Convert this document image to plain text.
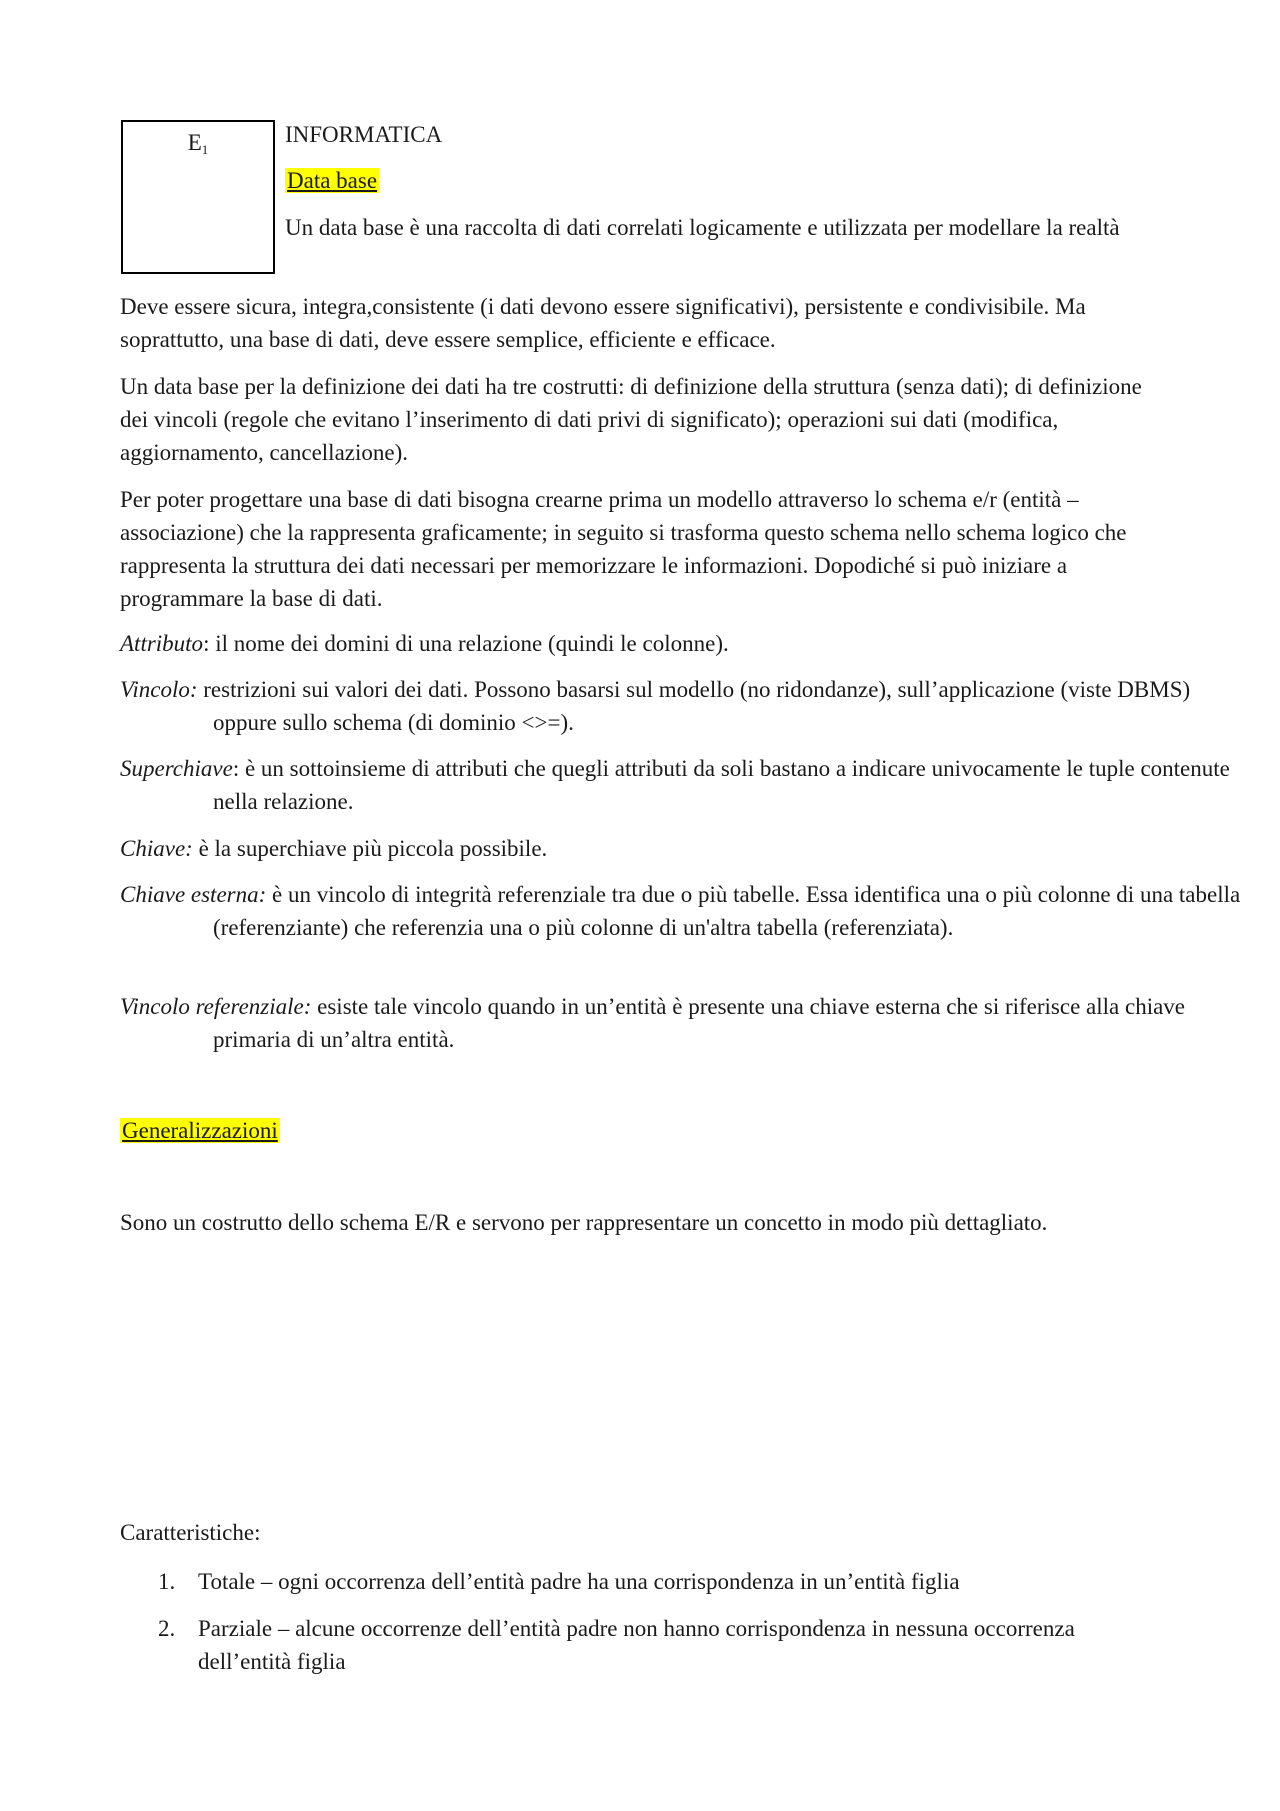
$E_1$

INFORMATICA

Data base

Un data base è una raccolta di dati correlati logicamente e utilizzata per modellare la realtà

Deve essere sicura, integra,consistente (i dati devono essere significativi), persistente e condivisibile. Ma soprattutto, una base di dati, deve essere semplice, efficiente e efficace.

Un data base per la definizione dei dati ha tre costrutti: di definizione della struttura (senza dati); di definizione dei vincoli (regole che evitano l’inserimento di dati privi di significato); operazioni sui dati (modifica, aggiornamento, cancellazione).

Per poter progettare una base di dati bisogna crearne prima un modello attraverso lo schema e/r (entità – associazione) che la rappresenta graficamente; in seguito si trasforma questo schema nello schema logico che rappresenta la struttura dei dati necessari per memorizzare le informazioni. Dopodiché si può iniziare a programmare la base di dati.

Attributo: il nome dei domini di una relazione (quindi le colonne).

Vincolo: restrizioni sui valori dei dati. Possono basarsi sul modello (no ridondanze), sull’applicazione (viste DBMS) oppure sullo schema (di dominio <>=).

Superchiave: è un sottoinsieme di attributi che quegli attributi da soli bastano a indicare univocamente le tuple contenute nella relazione.

Chiave: è la superchiave più piccola possibile.

Chiave esterna: è un vincolo di integrità referenziale tra due o più tabelle. Essa identifica una o più colonne di una tabella (referenziante) che referenzia una o più colonne di un'altra tabella (referenziata).

Vincolo referenziale: esiste tale vincolo quando in un’entità è presente una chiave esterna che si riferisce alla chiave primaria di un’altra entità.

Generalizzazioni

Sono un costrutto dello schema E/R e servono per rappresentare un concetto in modo più dettagliato.

Caratteristiche:

1. Totale – ogni occorrenza dell’entità padre ha una corrispondenza in un’entità figlia
2. Parziale – alcune occorrenze dell’entità padre non hanno corrispondenza in nessuna occorrenza dell’entità figlia
